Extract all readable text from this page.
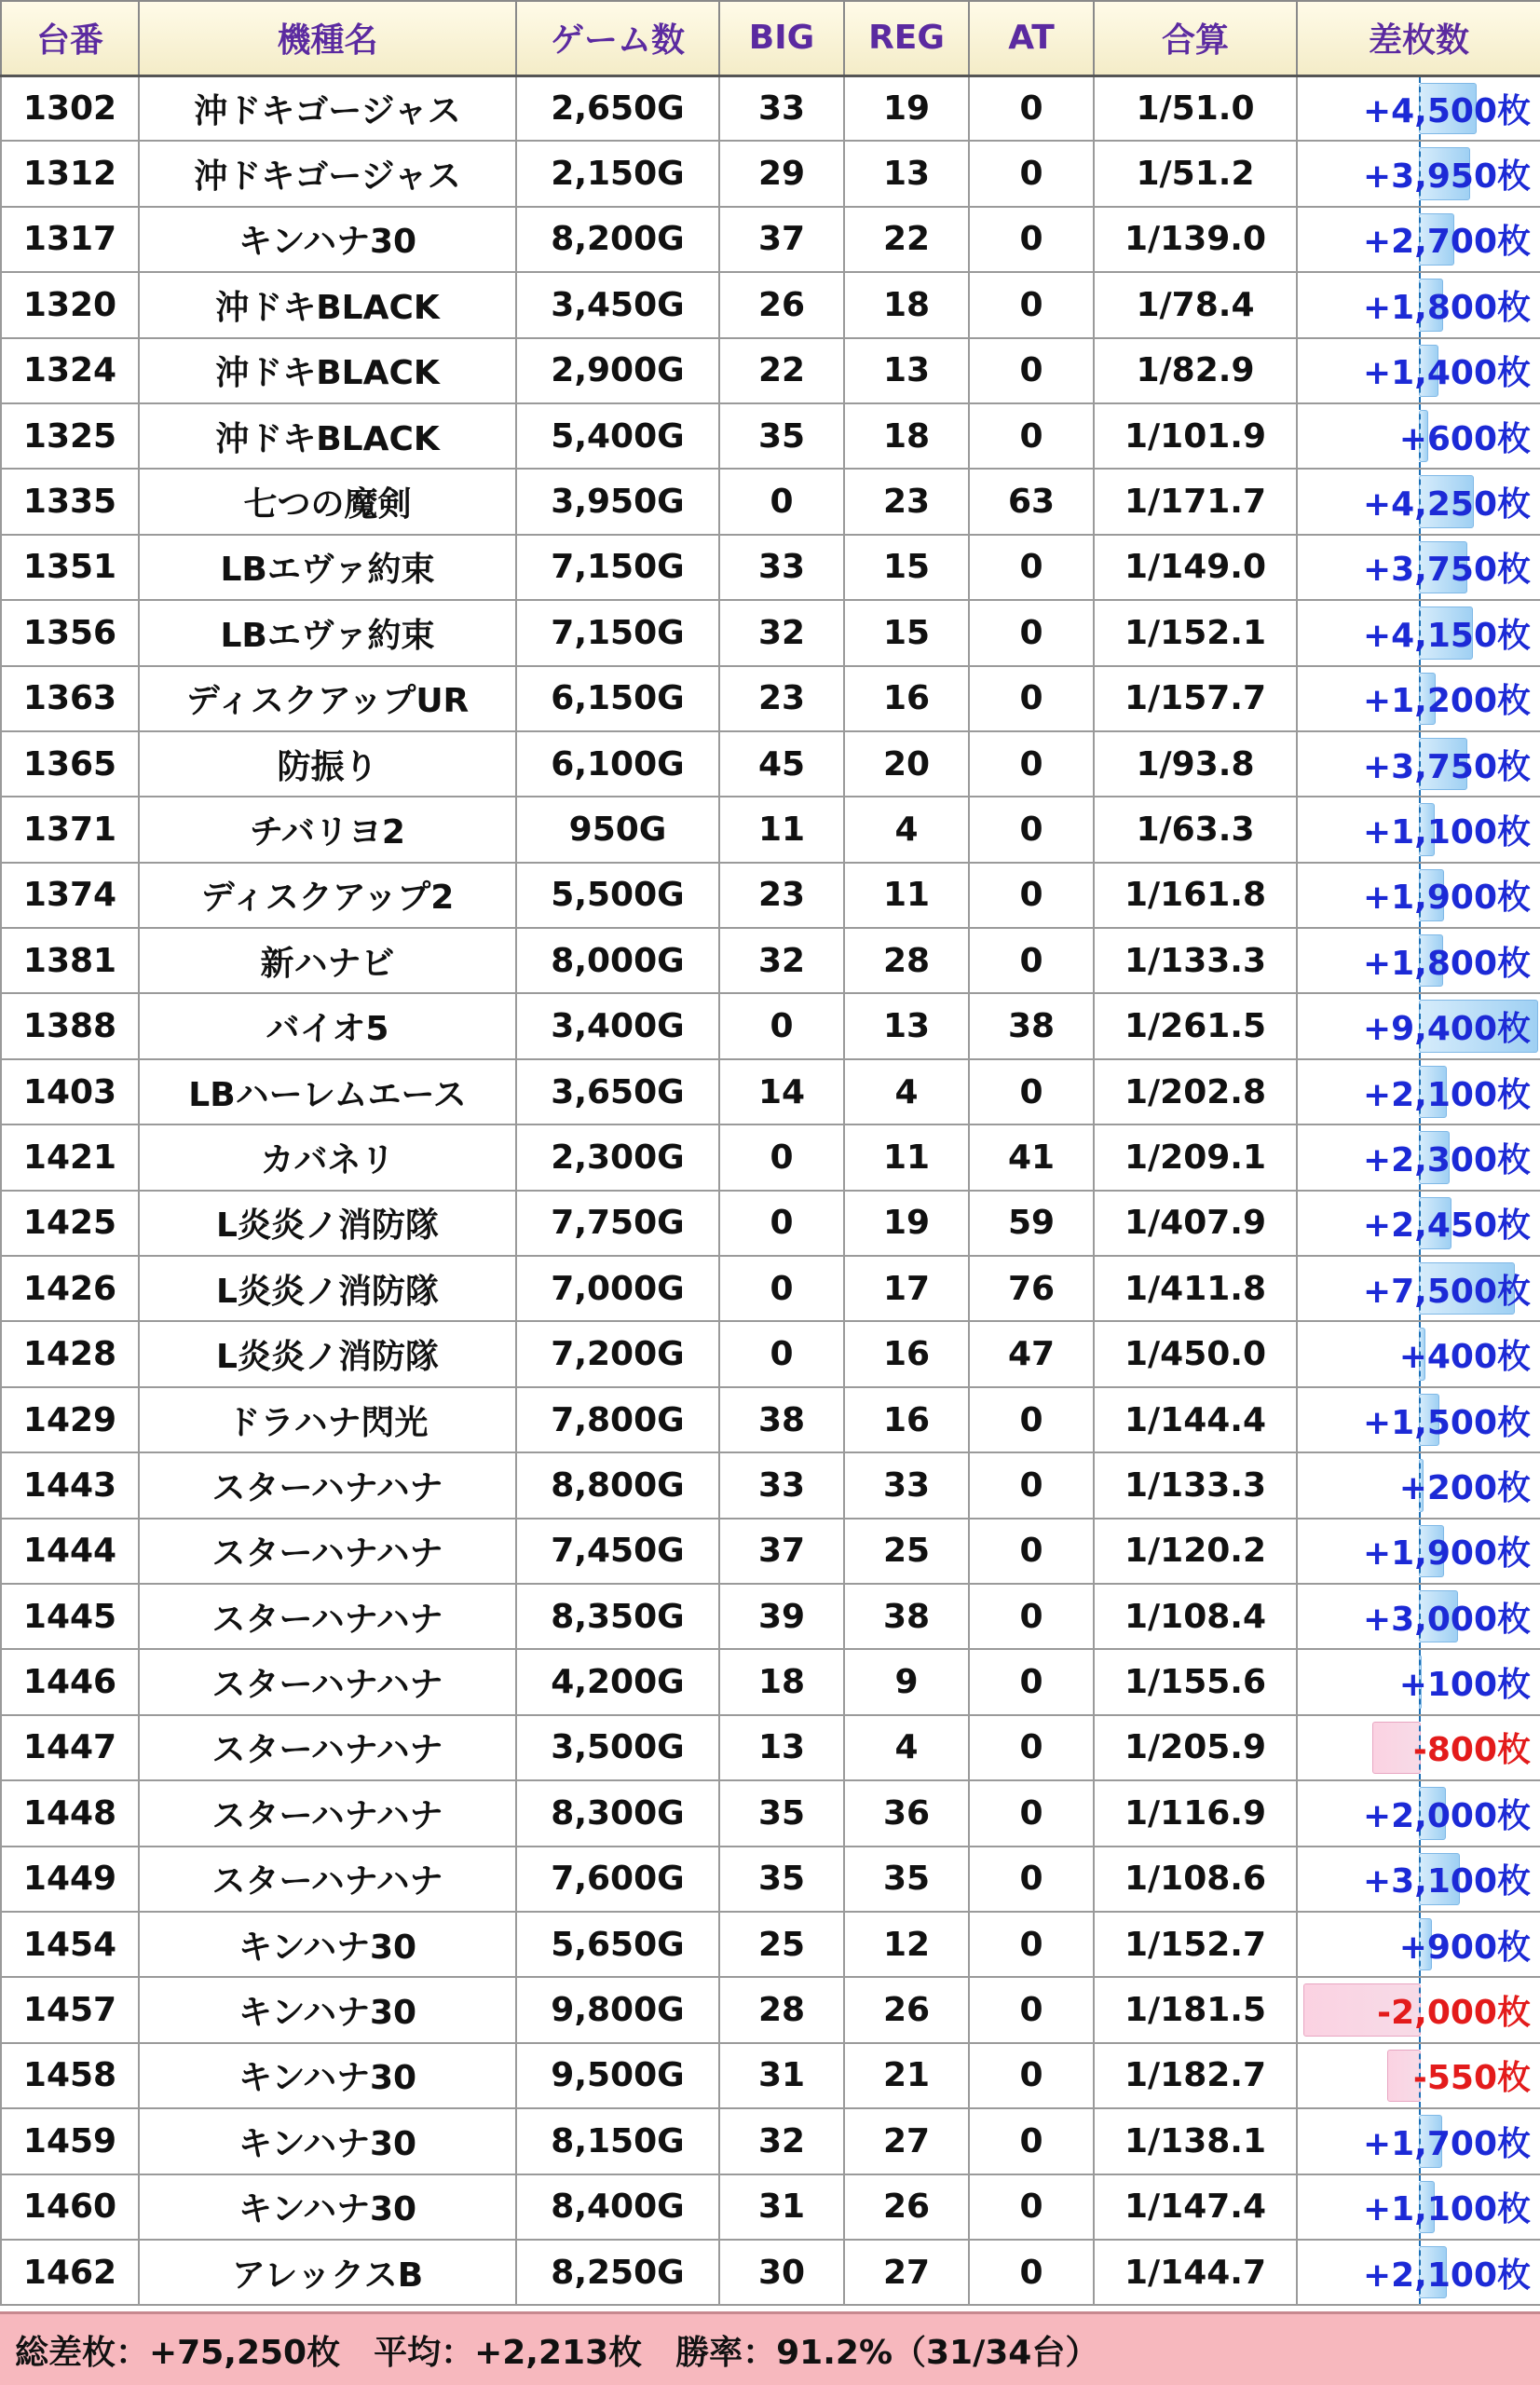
台番	機種名	ゲーム数	BIG	REG	AT	合算	差枚数
1302	沖ドキゴージャス	2,650G	33	19	0	1/51.0	+4,500枚
1312	沖ドキゴージャス	2,150G	29	13	0	1/51.2	+3,950枚
1317	キンハナ30	8,200G	37	22	0	1/139.0	+2,700枚
1320	沖ドキBLACK	3,450G	26	18	0	1/78.4	+1,800枚
1324	沖ドキBLACK	2,900G	22	13	0	1/82.9	+1,400枚
1325	沖ドキBLACK	5,400G	35	18	0	1/101.9	+600枚
1335	七つの魔剣	3,950G	0	23	63	1/171.7	+4,250枚
1351	LBエヴァ約束	7,150G	33	15	0	1/149.0	+3,750枚
1356	LBエヴァ約束	7,150G	32	15	0	1/152.1	+4,150枚
1363	ディスクアップUR	6,150G	23	16	0	1/157.7	+1,200枚
1365	防振り	6,100G	45	20	0	1/93.8	+3,750枚
1371	チバリヨ2	950G	11	4	0	1/63.3	+1,100枚
1374	ディスクアップ2	5,500G	23	11	0	1/161.8	+1,900枚
1381	新ハナビ	8,000G	32	28	0	1/133.3	+1,800枚
1388	バイオ5	3,400G	0	13	38	1/261.5	+9,400枚
1403	LBハーレムエース	3,650G	14	4	0	1/202.8	+2,100枚
1421	カバネリ	2,300G	0	11	41	1/209.1	+2,300枚
1425	L炎炎ノ消防隊	7,750G	0	19	59	1/407.9	+2,450枚
1426	L炎炎ノ消防隊	7,000G	0	17	76	1/411.8	+7,500枚
1428	L炎炎ノ消防隊	7,200G	0	16	47	1/450.0	+400枚
1429	ドラハナ閃光	7,800G	38	16	0	1/144.4	+1,500枚
1443	スターハナハナ	8,800G	33	33	0	1/133.3	+200枚
1444	スターハナハナ	7,450G	37	25	0	1/120.2	+1,900枚
1445	スターハナハナ	8,350G	39	38	0	1/108.4	+3,000枚
1446	スターハナハナ	4,200G	18	9	0	1/155.6	+100枚
1447	スターハナハナ	3,500G	13	4	0	1/205.9	-800枚
1448	スターハナハナ	8,300G	35	36	0	1/116.9	+2,000枚
1449	スターハナハナ	7,600G	35	35	0	1/108.6	+3,100枚
1454	キンハナ30	5,650G	25	12	0	1/152.7	+900枚
1457	キンハナ30	9,800G	28	26	0	1/181.5	-2,000枚
1458	キンハナ30	9,500G	31	21	0	1/182.7	-550枚
1459	キンハナ30	8,150G	32	27	0	1/138.1	+1,700枚
1460	キンハナ30	8,400G	31	26	0	1/147.4	+1,100枚
1462	アレックスB	8,250G	30	27	0	1/144.7	+2,100枚
総差枚：+75,250枚　平均：+2,213枚　勝率：91.2%（31/34台）
